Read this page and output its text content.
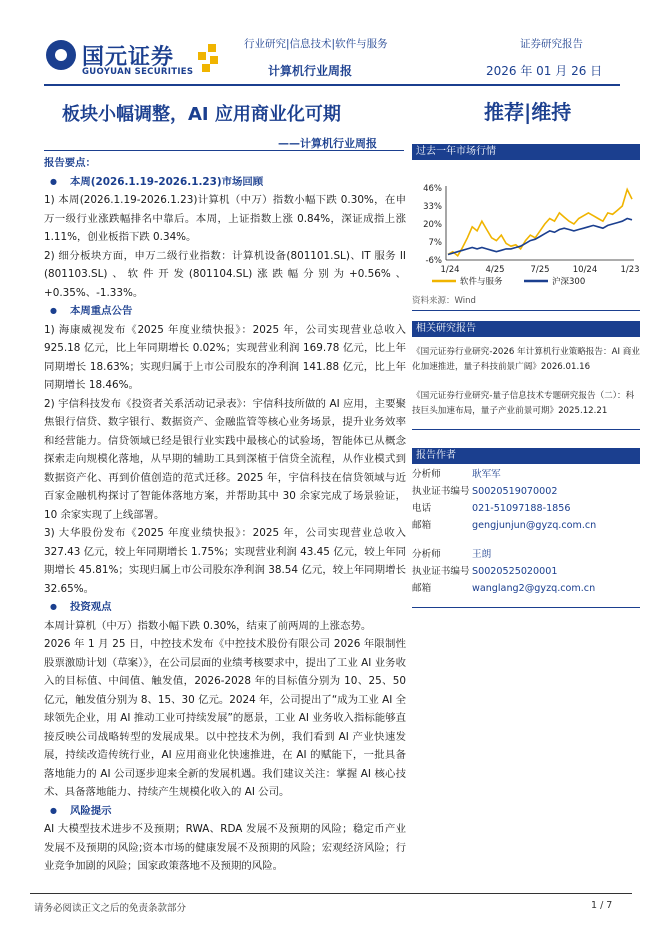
国元证券
GUOYUAN SECURITIES
行业研究|信息技术|软件与服务	证券研究报告
计算机行业周报	2026 年 01 月 26 日
板块小幅调整，AI 应用商业化可期	推荐|维持
——计算机行业周报

报告要点：

● 本周(2026.1.19-2026.1.23)市场回顾

1) 本周(2026.1.19-2026.1.23)计算机（中万）指数小幅下跌 0.30%，在申万一级行业涨跌幅排名中靠后。本周，上证指数上涨 0.84%，深证成指上涨 1.11%，创业板指下跌 0.34%。

2) 细分板块方面，申万二级行业指数：计算机设备(801101.SL)、IT 服务 II (801103.SL)、软件开发(801104.SL)涨跌幅分别为+0.56%、+0.35%、-1.33%。

● 本周重点公告

1) 海康威视发布《2025 年度业绩快报》：2025 年，公司实现营业总收入 925.18 亿元，比上年同期增长 0.02%；实现营业利润 169.78 亿元，比上年同期增长 18.63%；实现归属于上市公司股东的净利润 141.88 亿元，比上年同期增长 18.46%。

2) 宇信科技发布《投资者关系活动记录表》：宇信科技所做的 AI 应用，主要聚焦银行信贷、数字银行、数据资产、金融监管等核心业务场景，提升业务效率和经营能力。信贷领域已经是银行业实践中最核心的试验场，智能体已从概念探索走向规模化落地，从早期的辅助工具到深植于信贷全流程，从作业模式到数据资产化、再到价值创造的范式迁移。2025 年，宇信科技在信贷领域与近百家金融机构探讨了智能体落地方案，并帮助其中 30 余家完成了场景验证，10 余家实现了上线部署。

3) 大华股份发布《2025 年度业绩快报》：2025 年，公司实现营业总收入 327.43 亿元，较上年同期增长 1.75%；实现营业利润 43.45 亿元，较上年同期增长 45.81%；实现归属上市公司股东净利润 38.54 亿元，较上年同期增长 32.65%。

● 投资观点

本周计算机（中万）指数小幅下跌 0.30%，结束了前两周的上涨态势。

2026 年 1 月 25 日，中控技术发布《中控技术股份有限公司 2026 年限制性股票激励计划（草案）》，在公司层面的业绩考核要求中，提出了工业 AI 业务收入的目标值、中间值、触发值，2026-2028 年的目标值分别为 10、25、50 亿元，触发值分别为 8、15、30 亿元。2024 年，公司提出了“成为工业 AI 全球领先企业，用 AI 推动工业可持续发展”的愿景，工业 AI 业务收入指标能够直接反映公司战略转型的发展成果。以中控技术为例，我们看到 AI 产业快速发展，持续改造传统行业，AI 应用商业化快速推进，在 AI 的赋能下，一批具备落地能力的 AI 公司逐步迎来全新的发展机遇。我们建议关注：掌握 AI 核心技术、具备落地能力、持续产生规模化收入的 AI 公司。

● 风险提示

AI 大模型技术进步不及预期；RWA、RDA 发展不及预期的风险；稳定币产业发展不及预期的风险;资本市场的健康发展不及预期的风险；宏观经济风险；行业竞争加剧的风险；国家政策落地不及预期的风险。

过去一年市场行情
46%
33%
20%
7%
-6%
1/24	4/25	7/25	10/24	1/23
软件与服务	沪深300
资料来源：Wind
相关研究报告

《国元证券行业研究-2026 年计算机行业策略报告：AI 商业化加速推进，量子科技前景广阔》2026.01.16

《国元证券行业研究-量子信息技术专题研究报告（二）：科技巨头加速布局，量子产业前景可期》2025.12.21

报告作者
分析师	耿军军
执业证书编号 S0020519070002
电话	021-51097188-1856
邮箱	gengjunjun@gyzq.com.cn
分析师	王朗
执业证书编号 S0020525020001
邮箱	wanglang2@gyzq.com.cn
请务必阅读正文之后的免责条款部分	1 / 7
